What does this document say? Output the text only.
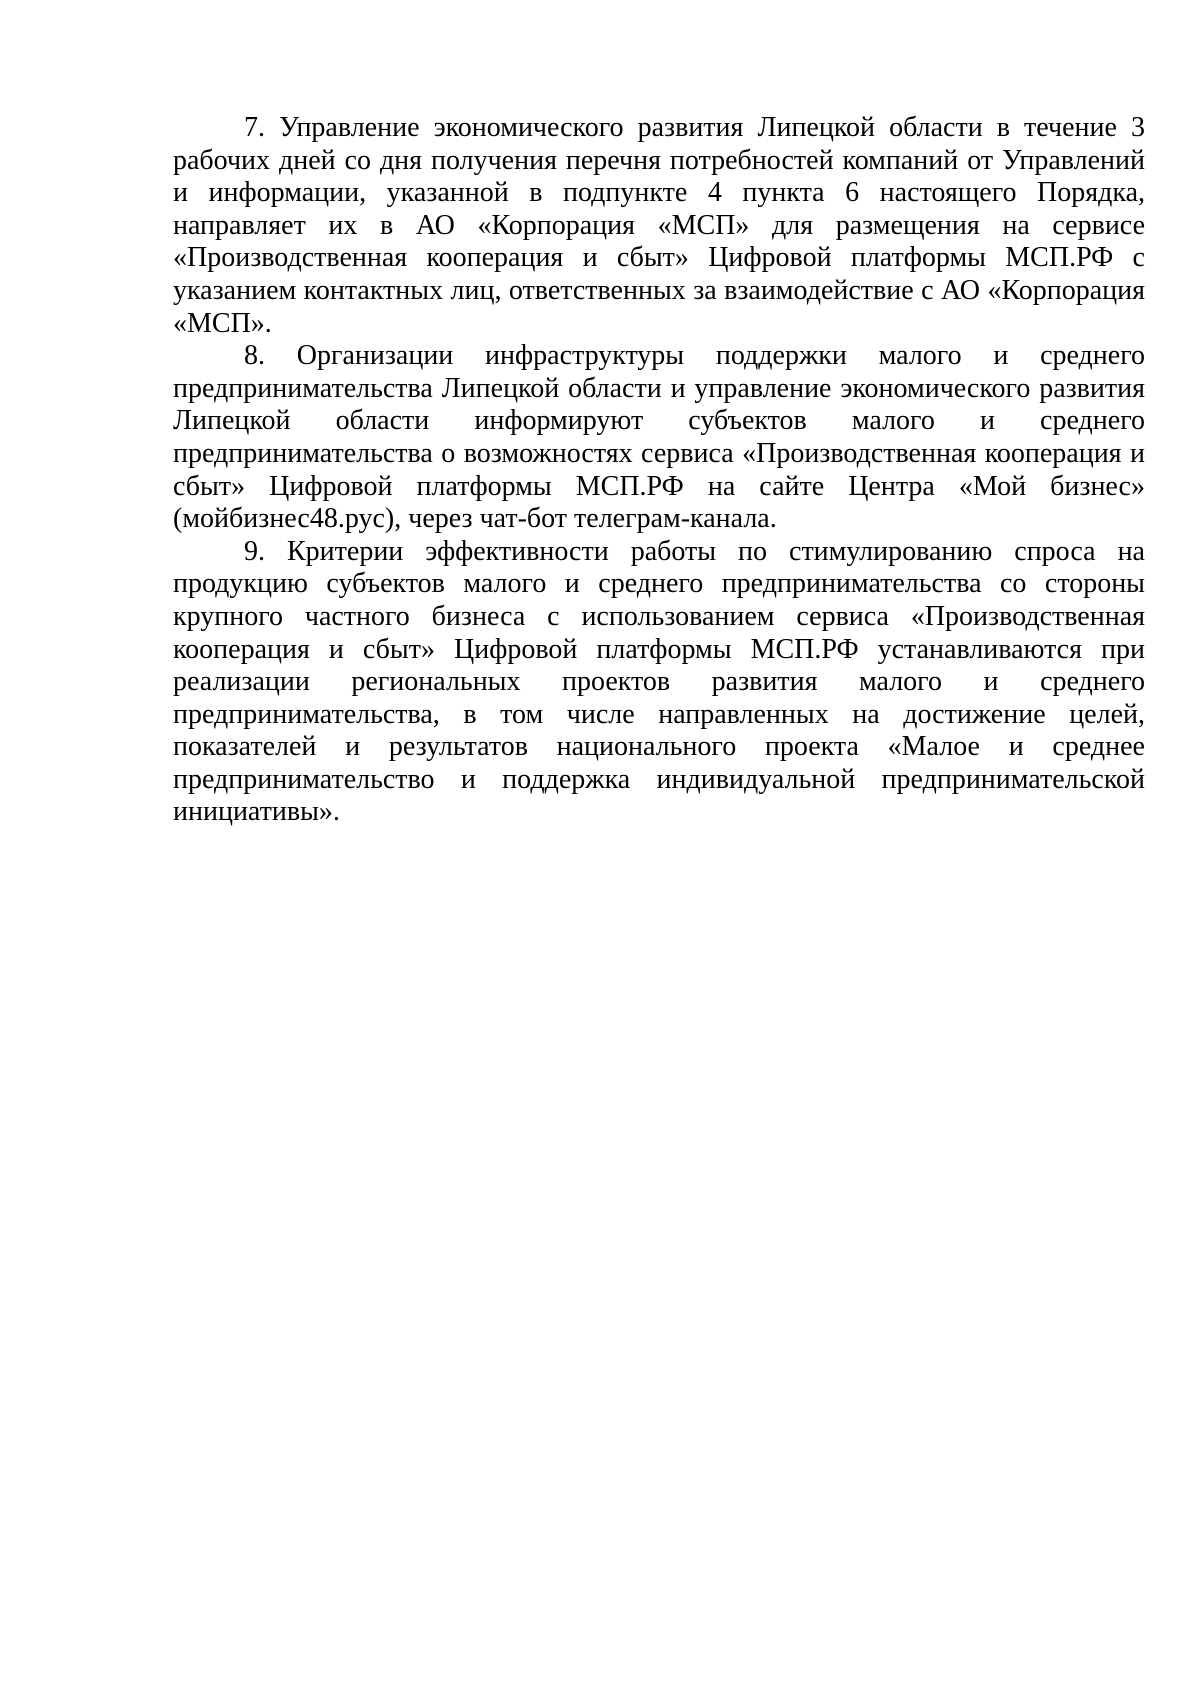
7. Управление экономического развития Липецкой области в течение 3 рабочих дней со дня получения перечня потребностей компаний от Управлений и информации, указанной в подпункте 4 пункта 6 настоящего Порядка, направляет их в АО «Корпорация «МСП» для размещения на сервисе «Производственная кооперация и сбыт» Цифровой платформы МСП.РФ с указанием контактных лиц, ответственных за взаимодействие с АО «Корпорация «МСП».

8. Организации инфраструктуры поддержки малого и среднего предпринимательства Липецкой области и управление экономического развития Липецкой области информируют субъектов малого и среднего предпринимательства о возможностях сервиса «Производственная кооперация и сбыт» Цифровой платформы МСП.РФ на сайте Центра «Мой бизнес» (мойбизнес48.рус), через чат-бот телеграм-канала.

9. Критерии эффективности работы по стимулированию спроса на продукцию субъектов малого и среднего предпринимательства со стороны крупного частного бизнеса с использованием сервиса «Производственная кооперация и сбыт» Цифровой платформы МСП.РФ устанавливаются при реализации региональных проектов развития малого и среднего предпринимательства, в том числе направленных на достижение целей, показателей и результатов национального проекта «Малое и среднее предпринимательство и поддержка индивидуальной предпринимательской инициативы».
